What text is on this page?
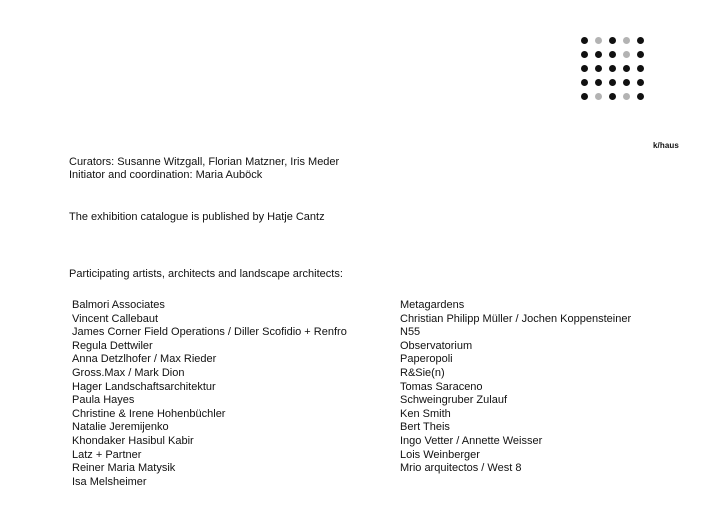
k/haus
Curators: Susanne Witzgall, Florian Matzner, Iris Meder
Initiator and coordination: Maria Auböck
The exhibition catalogue is published by Hatje Cantz
Participating artists, architects and landscape architects:
Balmori Associates
Vincent Callebaut
James Corner Field Operations / Diller Scofidio + Renfro
Regula Dettwiler
Anna Detzlhofer / Max Rieder
Gross.Max / Mark Dion
Hager Landschaftsarchitektur
Paula Hayes
Christine & Irene Hohenbüchler
Natalie Jeremijenko
Khondaker Hasibul Kabir
Latz + Partner
Reiner Maria Matysik
Isa Melsheimer
Metagardens
Christian Philipp Müller / Jochen Koppensteiner
N55
Observatorium
Paperopoli
R&Sie(n)
Tomas Saraceno
Schweingruber Zulauf
Ken Smith
Bert Theis
Ingo Vetter / Annette Weisser
Lois Weinberger
Mrio arquitectos / West 8
